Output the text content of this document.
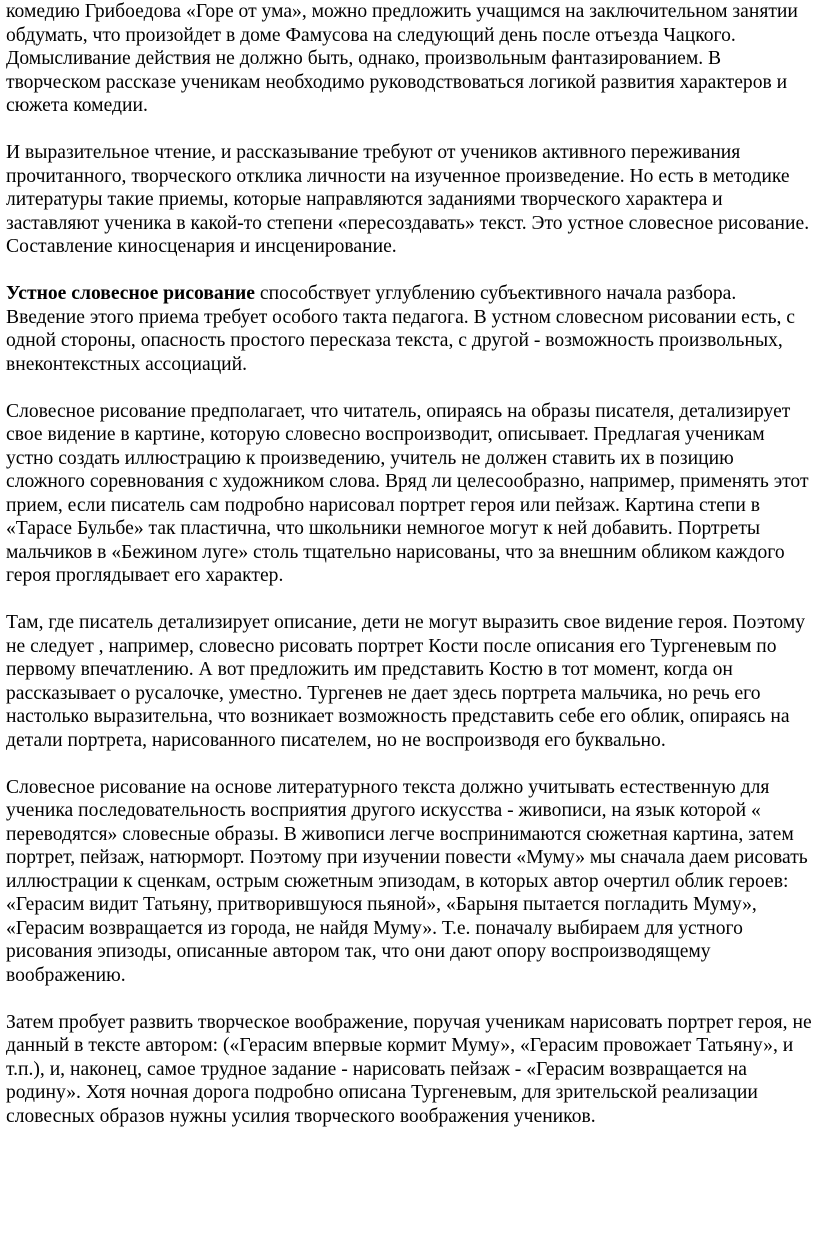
комедию Грибоедова «Горе от ума», можно предложить учащимся на заключительном занятии обдумать, что произойдет в доме Фамусова на следующий день после отъезда Чацкого. Домысливание действия не должно быть, однако, произвольным фантазированием. В творческом рассказе ученикам необходимо руководствоваться логикой развития характеров и сюжета комедии.

И выразительное чтение, и рассказывание требуют от учеников активного переживания прочитанного, творческого отклика личности на изученное произведение. Но есть в методике литературы такие приемы, которые направляются заданиями творческого характера и заставляют ученика в какой-то степени «пересоздавать» текст. Это устное словесное рисование. Составление киносценария и инсценирование.

Устное словесное рисование способствует углублению субъективного начала разбора. Введение этого приема требует особого такта педагога. В устном словесном рисовании есть, с одной стороны, опасность простого пересказа текста, с другой - возможность произвольных, внеконтекстных ассоциаций.

Словесное рисование предполагает, что читатель, опираясь на образы писателя, детализирует свое видение в картине, которую словесно воспроизводит, описывает. Предлагая ученикам устно создать иллюстрацию к произведению, учитель не должен ставить их в позицию сложного соревнования с художником слова. Вряд ли целесообразно, например, применять этот прием, если писатель сам подробно нарисовал портрет героя или пейзаж. Картина степи в «Тарасе Бульбе» так пластична, что школьники немногое могут к ней добавить. Портреты мальчиков в «Бежином луге» столь тщательно нарисованы, что за внешним обликом каждого героя проглядывает его характер.

Там, где писатель детализирует описание, дети не могут выразить свое видение героя. Поэтому не следует , например, словесно рисовать портрет Кости после описания его Тургеневым по первому впечатлению. А вот предложить им представить Костю в тот момент, когда он рассказывает о русалочке, уместно. Тургенев не дает здесь портрета мальчика, но речь его настолько выразительна, что возникает возможность представить себе его облик, опираясь на детали портрета, нарисованного писателем, но не воспроизводя его буквально.

Словесное рисование на основе литературного текста должно учитывать естественную для ученика последовательность восприятия другого искусства - живописи, на язык которой « переводятся» словесные образы. В живописи легче воспринимаются сюжетная картина, затем портрет, пейзаж, натюрморт. Поэтому при изучении повести «Муму» мы сначала даем рисовать иллюстрации к сценкам, острым сюжетным эпизодам, в которых автор очертил облик героев: «Герасим видит Татьяну, притворившуюся пьяной», «Барыня пытается погладить Муму», «Герасим возвращается из города, не найдя Муму». Т.е. поначалу выбираем для устного рисования эпизоды, описанные автором так, что они дают опору воспроизводящему воображению.

Затем пробует развить творческое воображение, поручая ученикам нарисовать портрет героя, не данный в тексте автором: («Герасим впервые кормит Муму», «Герасим провожает Татьяну», и т.п.), и, наконец, самое трудное задание - нарисовать пейзаж - «Герасим возвращается на родину». Хотя ночная дорога подробно описана Тургеневым, для зрительской реализации словесных образов нужны усилия творческого воображения учеников.
